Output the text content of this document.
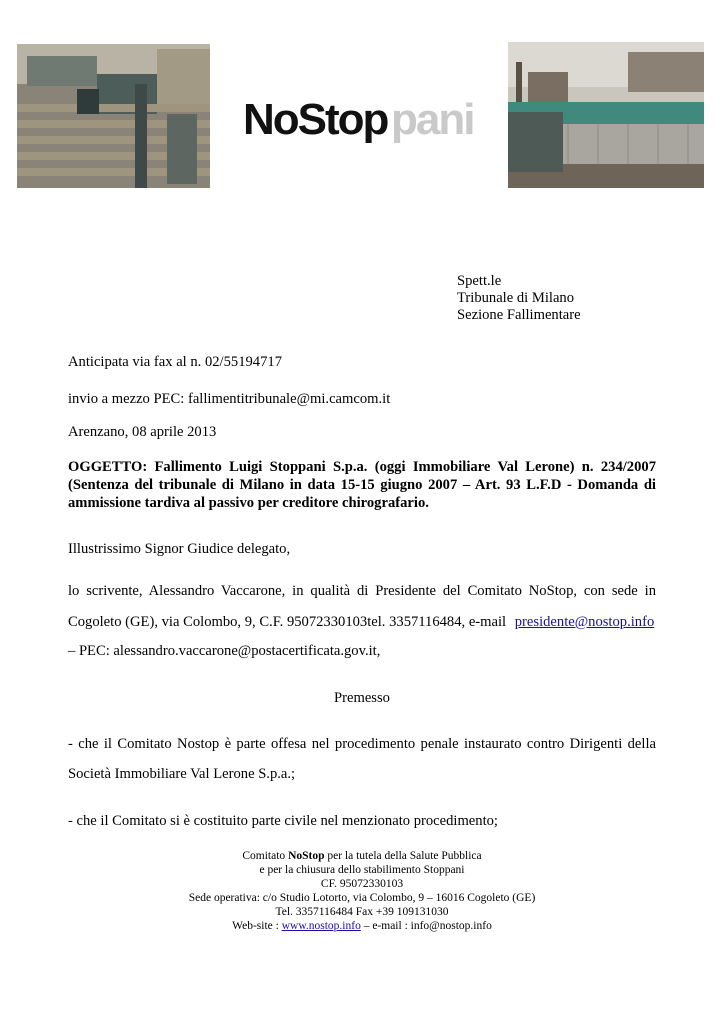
NoStop pani
Spett.le
Tribunale di Milano
Sezione Fallimentare
Anticipata via fax al n. 02/55194717
invio a mezzo PEC: fallimentitribunale@mi.camcom.it
Arenzano, 08 aprile 2013
OGGETTO: Fallimento Luigi Stoppani S.p.a. (oggi Immobiliare Val Lerone) n. 234/2007
(Sentenza del tribunale di Milano in data 15-15 giugno 2007 – Art. 93 L.F.D - Domanda di
ammissione tardiva al passivo per creditore chirografario.
Illustrissimo Signor Giudice delegato,
lo scrivente, Alessandro Vaccarone, in qualità di Presidente del Comitato NoStop, con sede in
Cogoleto (GE), via Colombo, 9, C.F. 95072330103tel. 3357116484, e-mail presidente@nostop.info
– PEC: alessandro.vaccarone@postacertificata.gov.it,
Premesso
- che il Comitato Nostop è parte offesa nel procedimento penale instaurato contro Dirigenti della
Società Immobiliare Val Lerone S.p.a.;
- che il Comitato si è costituito parte civile nel menzionato procedimento;
Comitato NoStop per la tutela della Salute Pubblica
e per la chiusura dello stabilimento Stoppani
CF. 95072330103
Sede operativa: c/o Studio Lotorto, via Colombo, 9 – 16016 Cogoleto (GE)
Tel. 3357116484 Fax +39 109131030
Web-site : www.nostop.info – e-mail : info@nostop.info
